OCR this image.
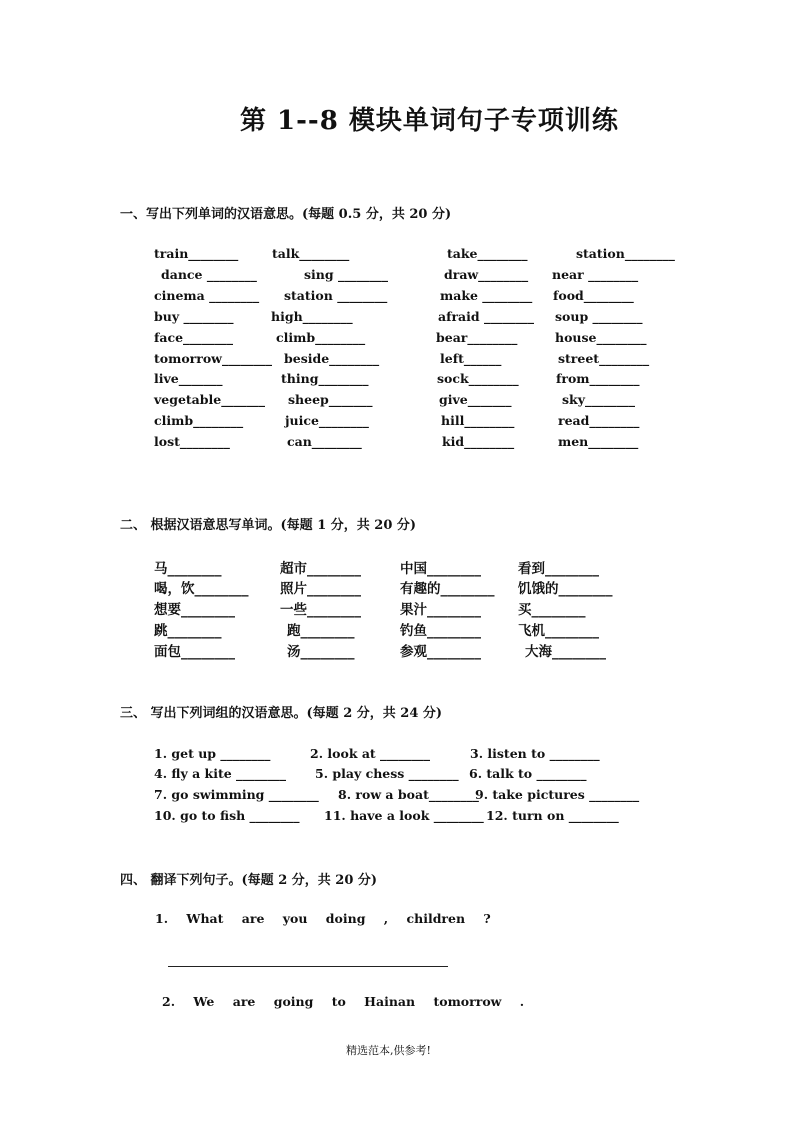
第 1--8 模块单词句子专项训练
一、写出下列单词的汉语意思。(每题 0.5 分，共 20 分)
train________	talk________	take________	station________
dance ________	sing ________	draw________ near ________
cinema ________ station ________	make ________ food________
buy ________	high________	afraid ________ soup ________
face________	climb________	bear________	house________
tomorrow________ beside________	left______	street________
live_______	thing________	sock________	from________
vegetable_______ sheep_______	give_______	sky________
climb________	juice________	hill________	read________
lost________	can________	kid________	men________
二、 根据汉语意思写单词。(每题 1 分，共 20 分)
马________	超市________	中国________	看到________
喝，饮________ 照片________	有趣的________ 饥饿的________
想要________	一些________	果汁________	买________
跳________	跑________	钓鱼________	飞机________
面包________	汤________	参观________	大海________
三、 写出下列词组的汉语意思。(每题 2 分，共 24 分)
1. get up ________	2. look at ________	3. listen to ________
4. fly a kite ________ 5. play chess ________ 6. talk to ________
7. go swimming ________ 8. row a boat________
9. take pictures ________
10. go to fish ________ 11. have a look ________ 12. turn on ________
四、 翻译下列句子。(每题 2 分，共 20 分)
1. What are you doing , children ?
2. We are going to Hainan tomorrow .
精选范本,供参考!
